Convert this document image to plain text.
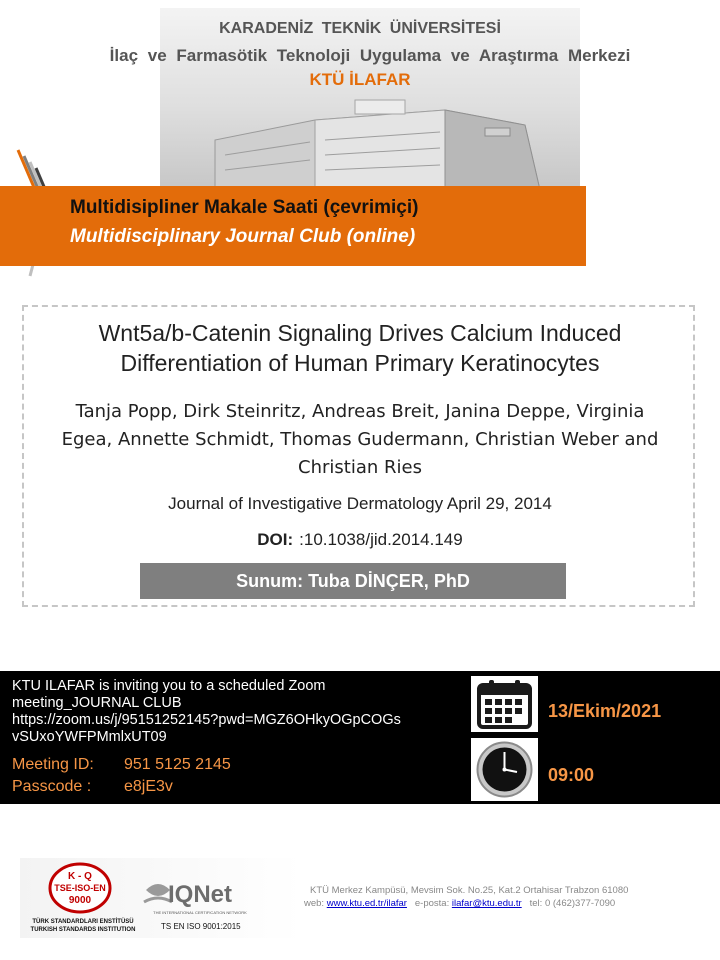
KARADENİZ TEKNİK ÜNİVERSİTESİ
İlaç ve Farmasötik Teknoloji Uygulama ve Araştırma Merkezi
KTÜ İLAFAR
Multidisipliner Makale Saati (çevrimiçi)
Multidisciplinary Journal Club (online)
Wnt5a/b-Catenin Signaling Drives Calcium Induced
Differentiation of Human Primary Keratinocytes
Tanja Popp, Dirk Steinritz, Andreas Breit, Janina Deppe, Virginia
Egea, Annette Schmidt, Thomas Gudermann, Christian Weber and
Christian Ries
Journal of Investigative Dermatology April 29, 2014
DOI: :10.1038/jid.2014.149
Sunum: Tuba DİNÇER, PhD
KTU ILAFAR is inviting you to a scheduled Zoom
meeting_JOURNAL CLUB
https://zoom.us/j/95151252145?pwd=MGZ6OHkyOGpCOGs
vSUxoYWFPMmlxUT09
Meeting ID: 951 5125 2145
Passcode : e8jE3v
13/Ekim/2021
09:00
K - Q
TSE-ISO-EN
9000
TÜRK STANDARDLARI ENSTİTÜSÜ
TURKISH STANDARDS INSTITUTION
IQNet
THE INTERNATIONAL CERTIFICATION NETWORK
TS EN ISO 9001:2015
KTÜ Merkez Kampüsü, Mevsim Sok. No.25, Kat.2 Ortahisar Trabzon 61080
web: www.ktu.ed.tr/ilafar e-posta: ilafar@ktu.edu.tr tel: 0 (462)377-7090
